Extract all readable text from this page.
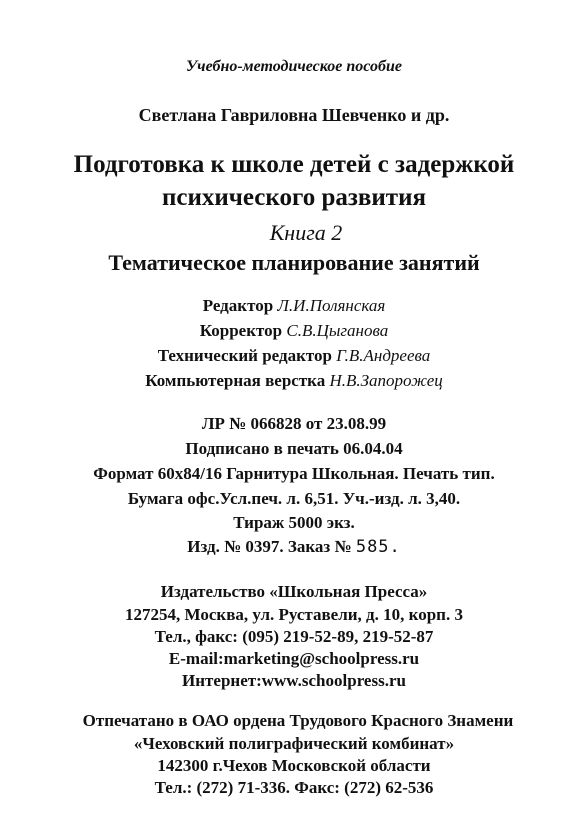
Учебно-методическое пособие
Светлана Гавриловна Шевченко и др.
Подготовка к школе детей с задержкой
психического развития
Книга 2
Тематическое планирование занятий
Редактор Л.И.Полянская
Корректор С.В.Цыганова
Технический редактор Г.В.Андреева
Компьютерная верстка Н.В.Запорожец
ЛР № 066828 от 23.08.99
Подписано в печать 06.04.04
Формат 60x84/16 Гарнитура Школьная. Печать тип.
Бумага офс.Усл.печ. л. 6,51. Уч.-изд. л. 3,40.
Тираж 5000 экз.
Изд. № 0397. Заказ № 585.
Издательство «Школьная Пресса»
127254, Москва, ул. Руставели, д. 10, корп. 3
Тел., факс: (095) 219-52-89, 219-52-87
E-mail:marketing@schoolpress.ru
Интернет:www.schoolpress.ru
Отпечатано в ОАО ордена Трудового Красного Знамени
«Чеховский полиграфический комбинат»
142300 г.Чехов Московской области
Тел.: (272) 71-336. Факс: (272) 62-536
